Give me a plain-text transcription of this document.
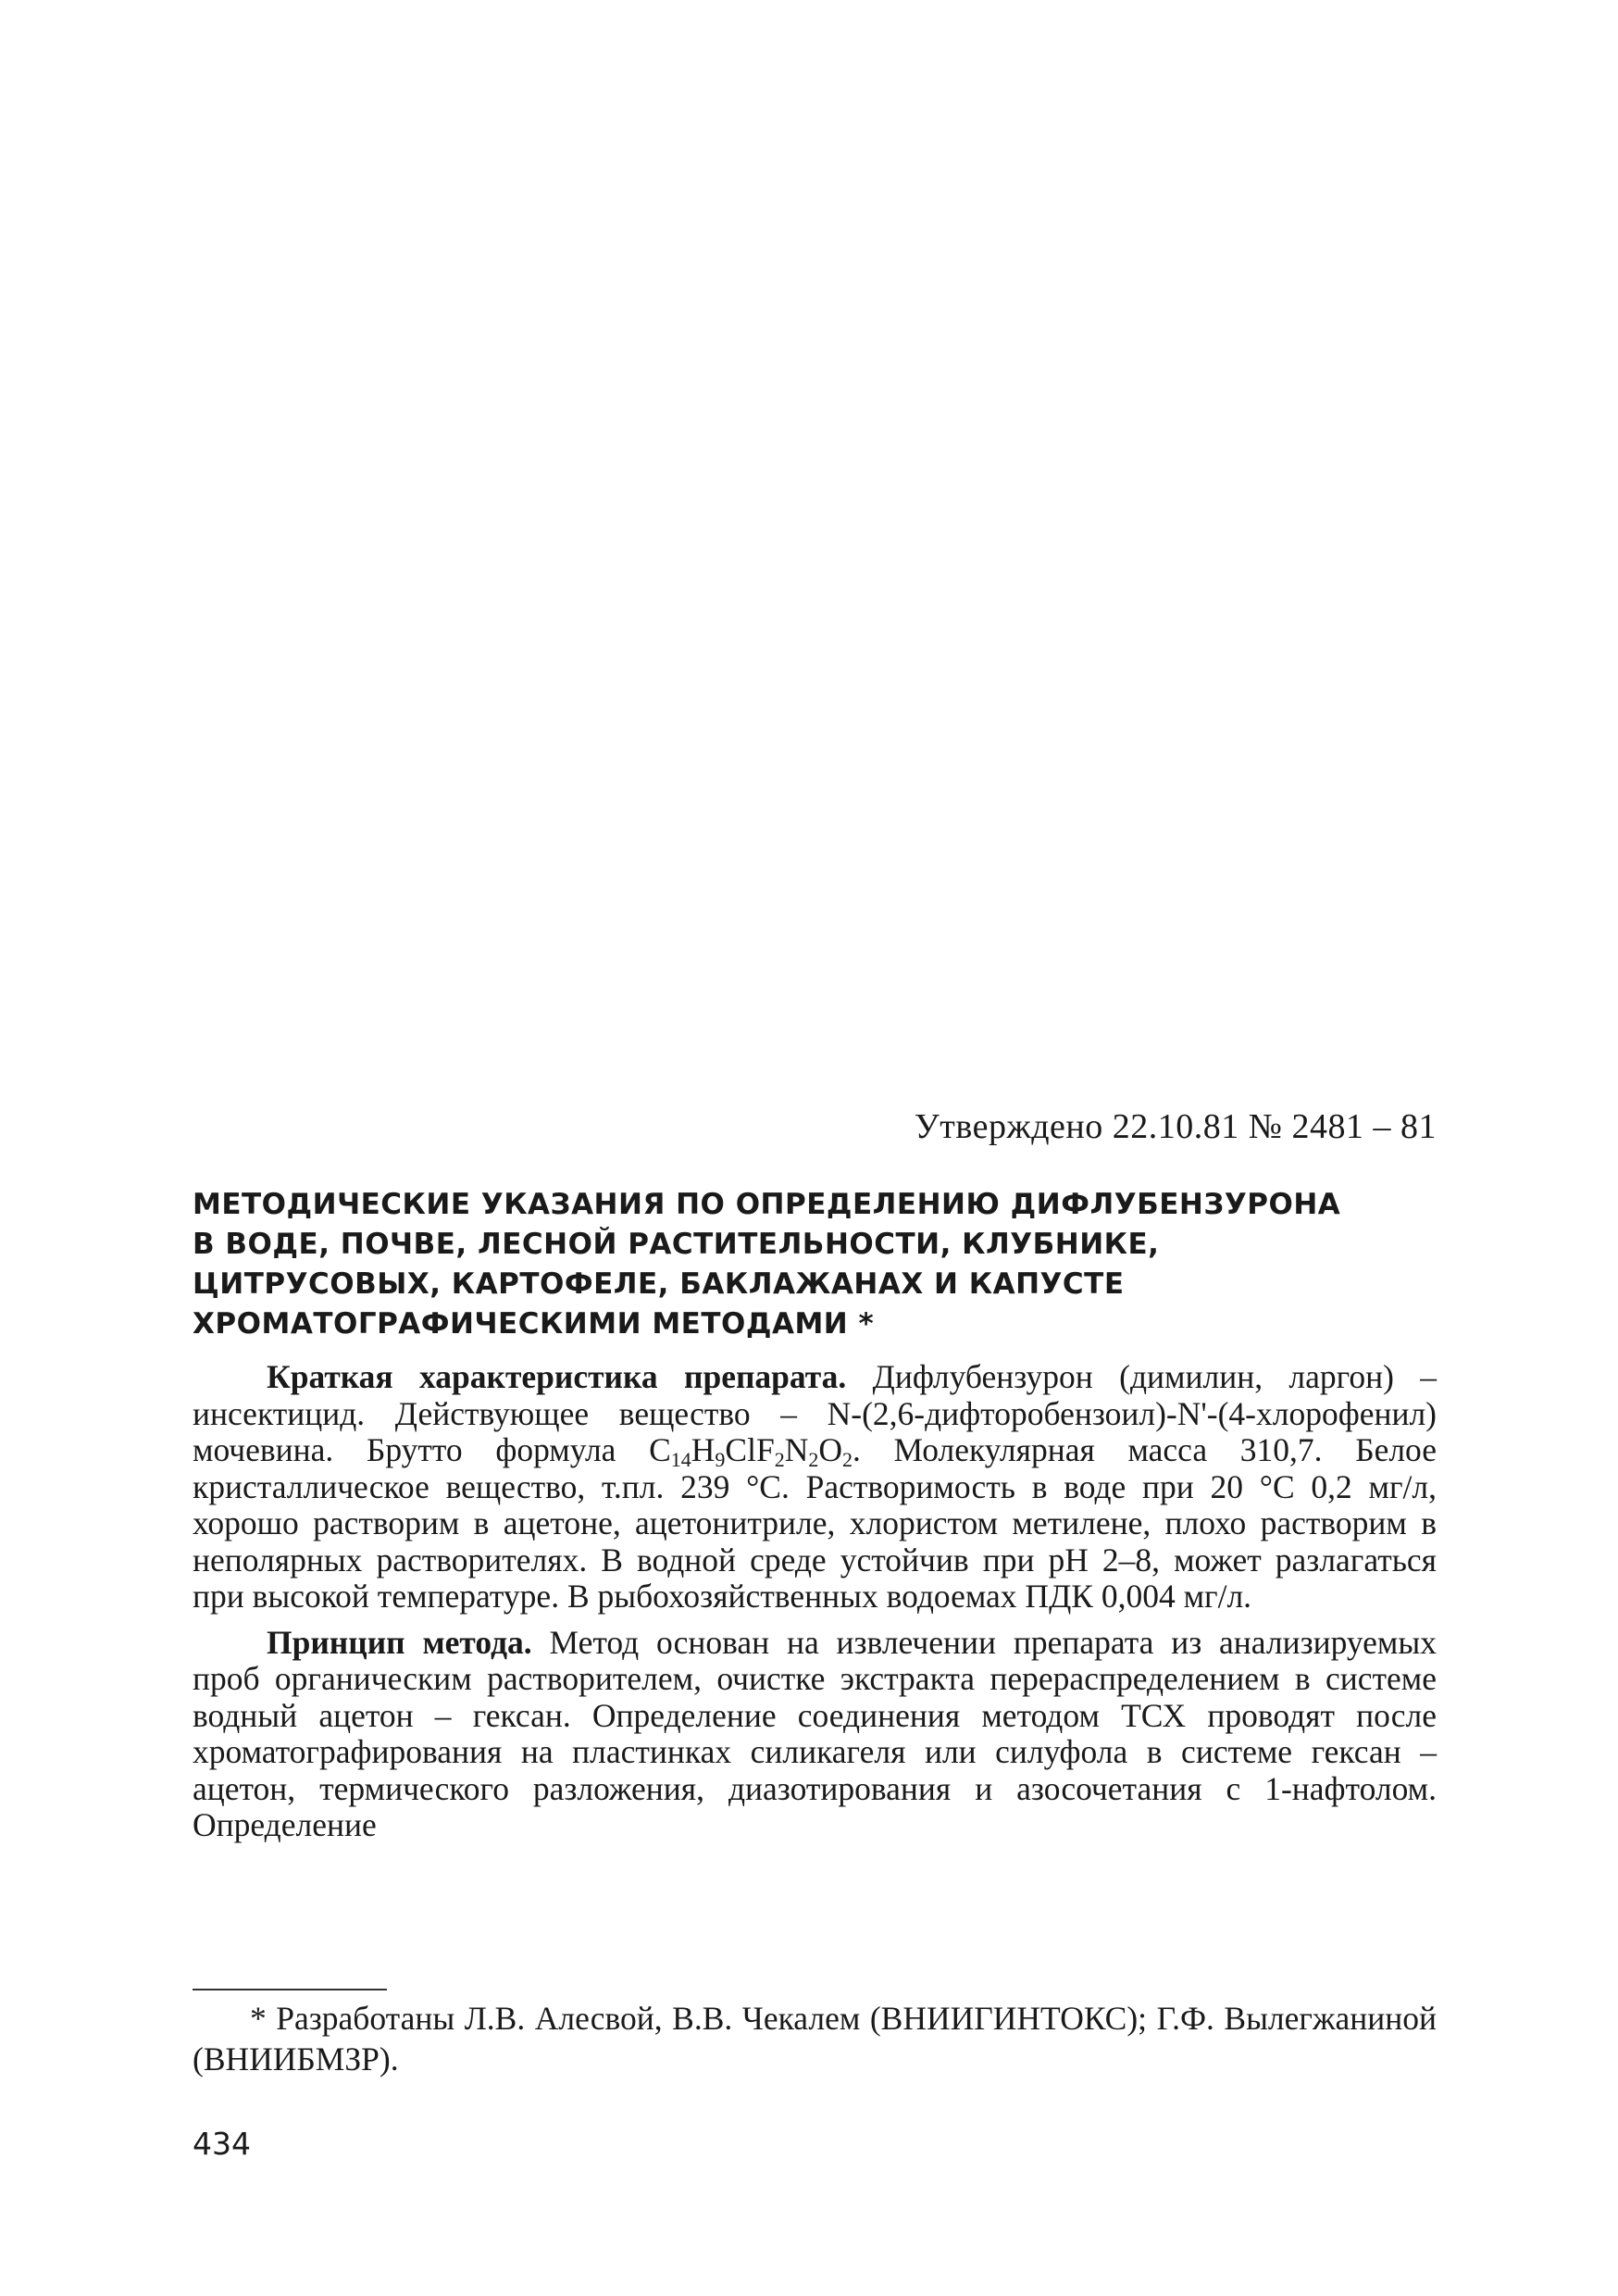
Утверждено 22.10.81 № 2481 – 81
МЕТОДИЧЕСКИЕ УКАЗАНИЯ ПО ОПРЕДЕЛЕНИЮ ДИФЛУБЕНЗУРОНА
В ВОДЕ, ПОЧВЕ, ЛЕСНОЙ РАСТИТЕЛЬНОСТИ, КЛУБНИКЕ,
ЦИТРУСОВЫХ, КАРТОФЕЛЕ, БАКЛАЖАНАХ И КАПУСТЕ
ХРОМАТОГРАФИЧЕСКИМИ МЕТОДАМИ *

Краткая характеристика препарата. Дифлубензурон (димилин, ларгон) – инсектицид. Действующее вещество – N-(2,6-дифторобензоил)-N'-(4-хлорофенил) мочевина. Брутто формула $C_{14}H_9ClF_2N_2O_2$. Молекулярная масса 310,7. Белое кристаллическое вещество, т.пл. 239 °С. Растворимость в воде при 20 °С 0,2 мг/л, хорошо растворим в ацетоне, ацетонитриле, хлористом метилене, плохо растворим в неполярных растворителях. В водной среде устойчив при рН 2–8, может разлагаться при высокой температуре. В рыбохозяйственных водоемах ПДК 0,004 мг/л.

Принцип метода. Метод основан на извлечении препарата из анализируемых проб органическим растворителем, очистке экстракта перераспределением в системе водный ацетон – гексан. Определение соединения методом ТСХ проводят после хроматографирования на пластинках силикагеля или силуфола в системе гексан – ацетон, термического разложения, диазотирования и азосочетания с 1-нафтолом. Определение

* Разработаны Л.В. Алесвой, В.В. Чекалем (ВНИИГИНТОКС); Г.Ф. Вылегжаниной (ВНИИБМЗР).

434
